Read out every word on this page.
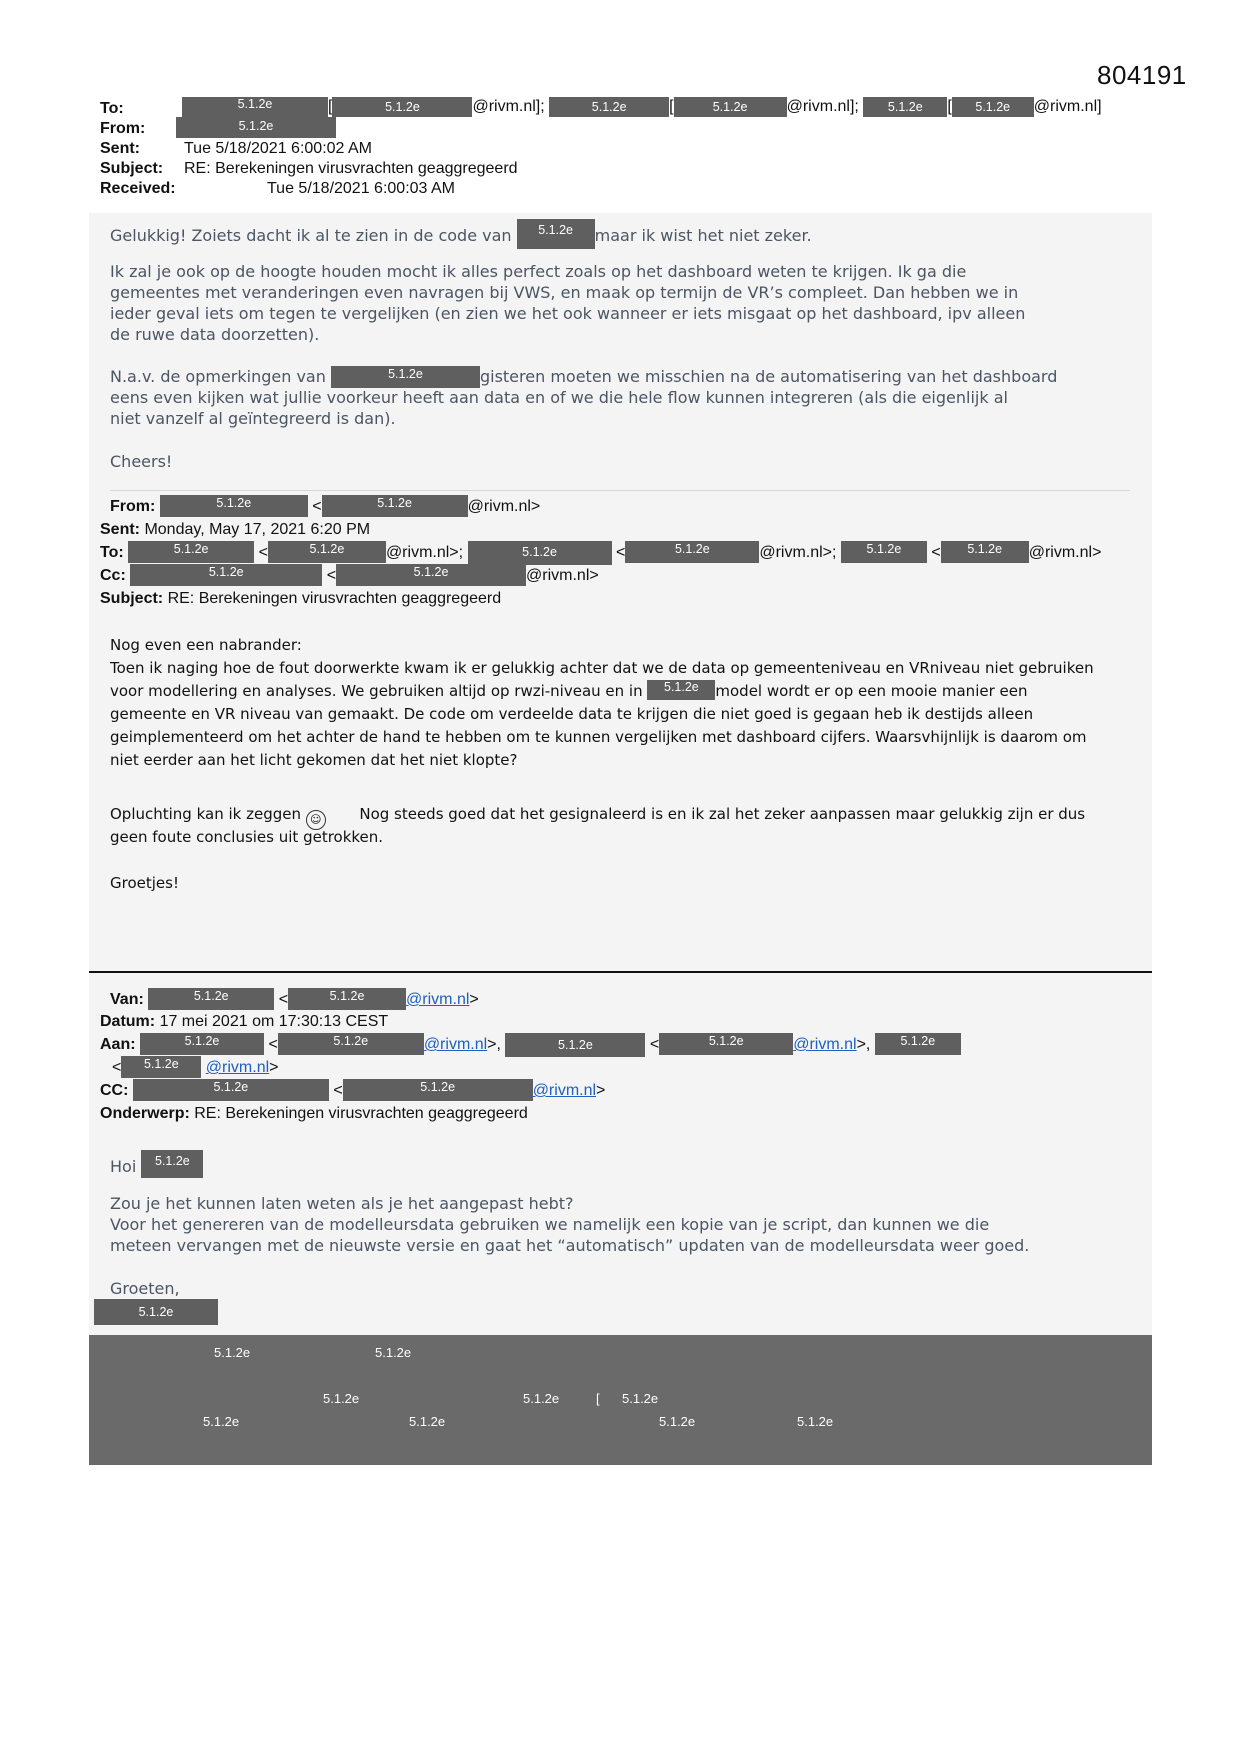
804191
To:	5.1.2e	[	5.1.2e	@rivm.nl];	5.1.2e	[	5.1.2e @rivm.nl]; 5.1.2e [ 5.1.2e @rivm.nl]
From:	5.1.2e
Sent:	Tue 5/18/2021 6:00:02 AM
Subject: RE: Berekeningen virusvrachten geaggregeerd
Received:	Tue 5/18/2021 6:00:03 AM
Gelukkig! Zoiets dacht ik al te zien in de code van 5.1.2e maar ik wist het niet zeker.
Ik zal je ook op de hoogte houden mocht ik alles perfect zoals op het dashboard weten te krijgen. Ik ga die
gemeentes met veranderingen even navragen bij VWS, en maak op termijn de VR’s compleet. Dan hebben we in
ieder geval iets om tegen te vergelijken (en zien we het ook wanneer er iets misgaat op het dashboard, ipv alleen
de ruwe data doorzetten).
N.a.v. de opmerkingen van	5.1.2e	gisteren moeten we misschien na de automatisering van het dashboard
eens even kijken wat jullie voorkeur heeft aan data en of we die hele flow kunnen integreren (als die eigenlijk al
niet vanzelf al geïntegreerd is dan).
Cheers!
From:	5.1.2e	<	5.1.2e	@rivm.nl>
Sent: Monday, May 17, 2021 6:20 PM
To:	5.1.2e	<	5.1.2e	@rivm.nl>;	5.1.2e	<	5.1.2e	@rivm.nl>; 5.1.2e < 5.1.2e @rivm.nl>
Cc:	5.1.2e	<	5.1.2e	@rivm.nl>
Subject: RE: Berekeningen virusvrachten geaggregeerd
Nog even een nabrander:
Toen ik naging hoe de fout doorwerkte kwam ik er gelukkig achter dat we de data op gemeenteniveau en VRniveau niet gebruiken
voor modellering en analyses. We gebruiken altijd op rwzi-niveau en in 5.1.2e model wordt er op een mooie manier een
gemeente en VR niveau van gemaakt. De code om verdeelde data te krijgen die niet goed is gegaan heb ik destijds alleen
geimplementeerd om het achter de hand te hebben om te kunnen vergelijken met dashboard cijfers. Waarsvhijnlijk is daarom om
niet eerder aan het licht gekomen dat het niet klopte?
Opluchting kan ik zeggen ☺	Nog steeds goed dat het gesignaleerd is en ik zal het zeker aanpassen maar gelukkig zijn er dus
geen foute conclusies uit getrokken.
Groetjes!
Van:	5.1.2e	<	5.1.2e	@rivm.nl>
Datum: 17 mei 2021 om 17:30:13 CEST
Aan:	5.1.2e	<	5.1.2e	@rivm.nl>,	5.1.2e	<	5.1.2e	@rivm.nl>, 5.1.2e
< 5.1.2e @rivm.nl>
CC:	5.1.2e	<	5.1.2e	@rivm.nl>
Onderwerp: RE: Berekeningen virusvrachten geaggregeerd
Hoi 5.1.2e
Zou je het kunnen laten weten als je het aangepast hebt?
Voor het genereren van de modelleursdata gebruiken we namelijk een kopie van je script, dan kunnen we die
meteen vervangen met de nieuwste versie en gaat het “automatisch” updaten van de modelleursdata weer goed.
Groeten,
5.1.2e
5.1.2e	5.1.2e
5.1.2e	5.1.2e	[ 5.1.2e
5.1.2e	5.1.2e	5.1.2e	5.1.2e
